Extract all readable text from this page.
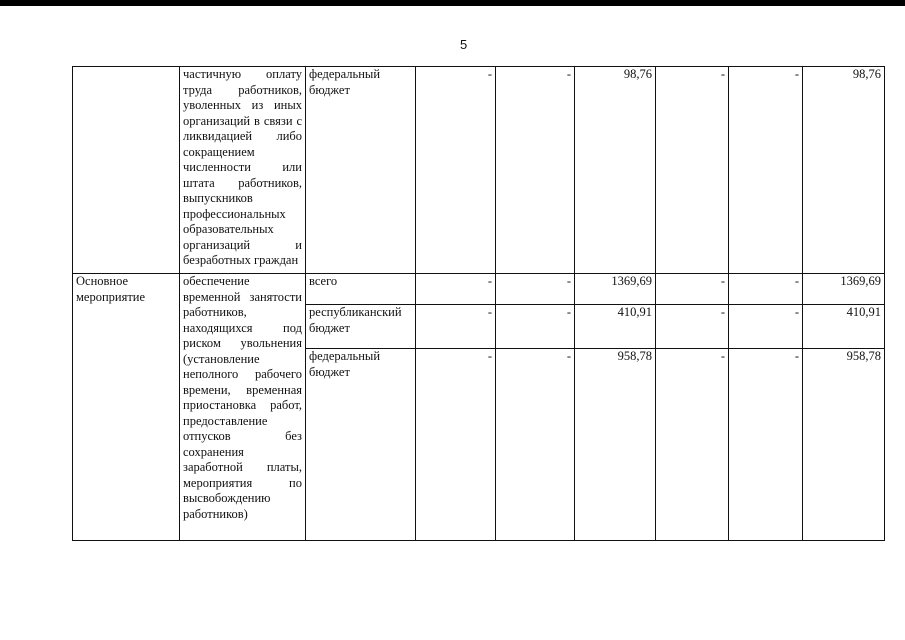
5
	частичную оплату труда работников, уволенных из иных организаций в связи с ликвидацией либо сокращением численности или штата работников, выпускников профессиональных образовательных организаций и безработных граждан	федеральный бюджет	-	-	98,76	-	-	98,76
Основное мероприятие	обеспечение временной занятости работников, находящихся под риском увольнения (установление неполного рабочего времени, временная приостановка работ, предоставление отпусков без сохранения заработной платы, мероприятия по высвобождению работников)	всего	-	-	1369,69	-	-	1369,69
		республиканский бюджет	-	-	410,91	-	-	410,91
		федеральный бюджет	-	-	958,78	-	-	958,78
